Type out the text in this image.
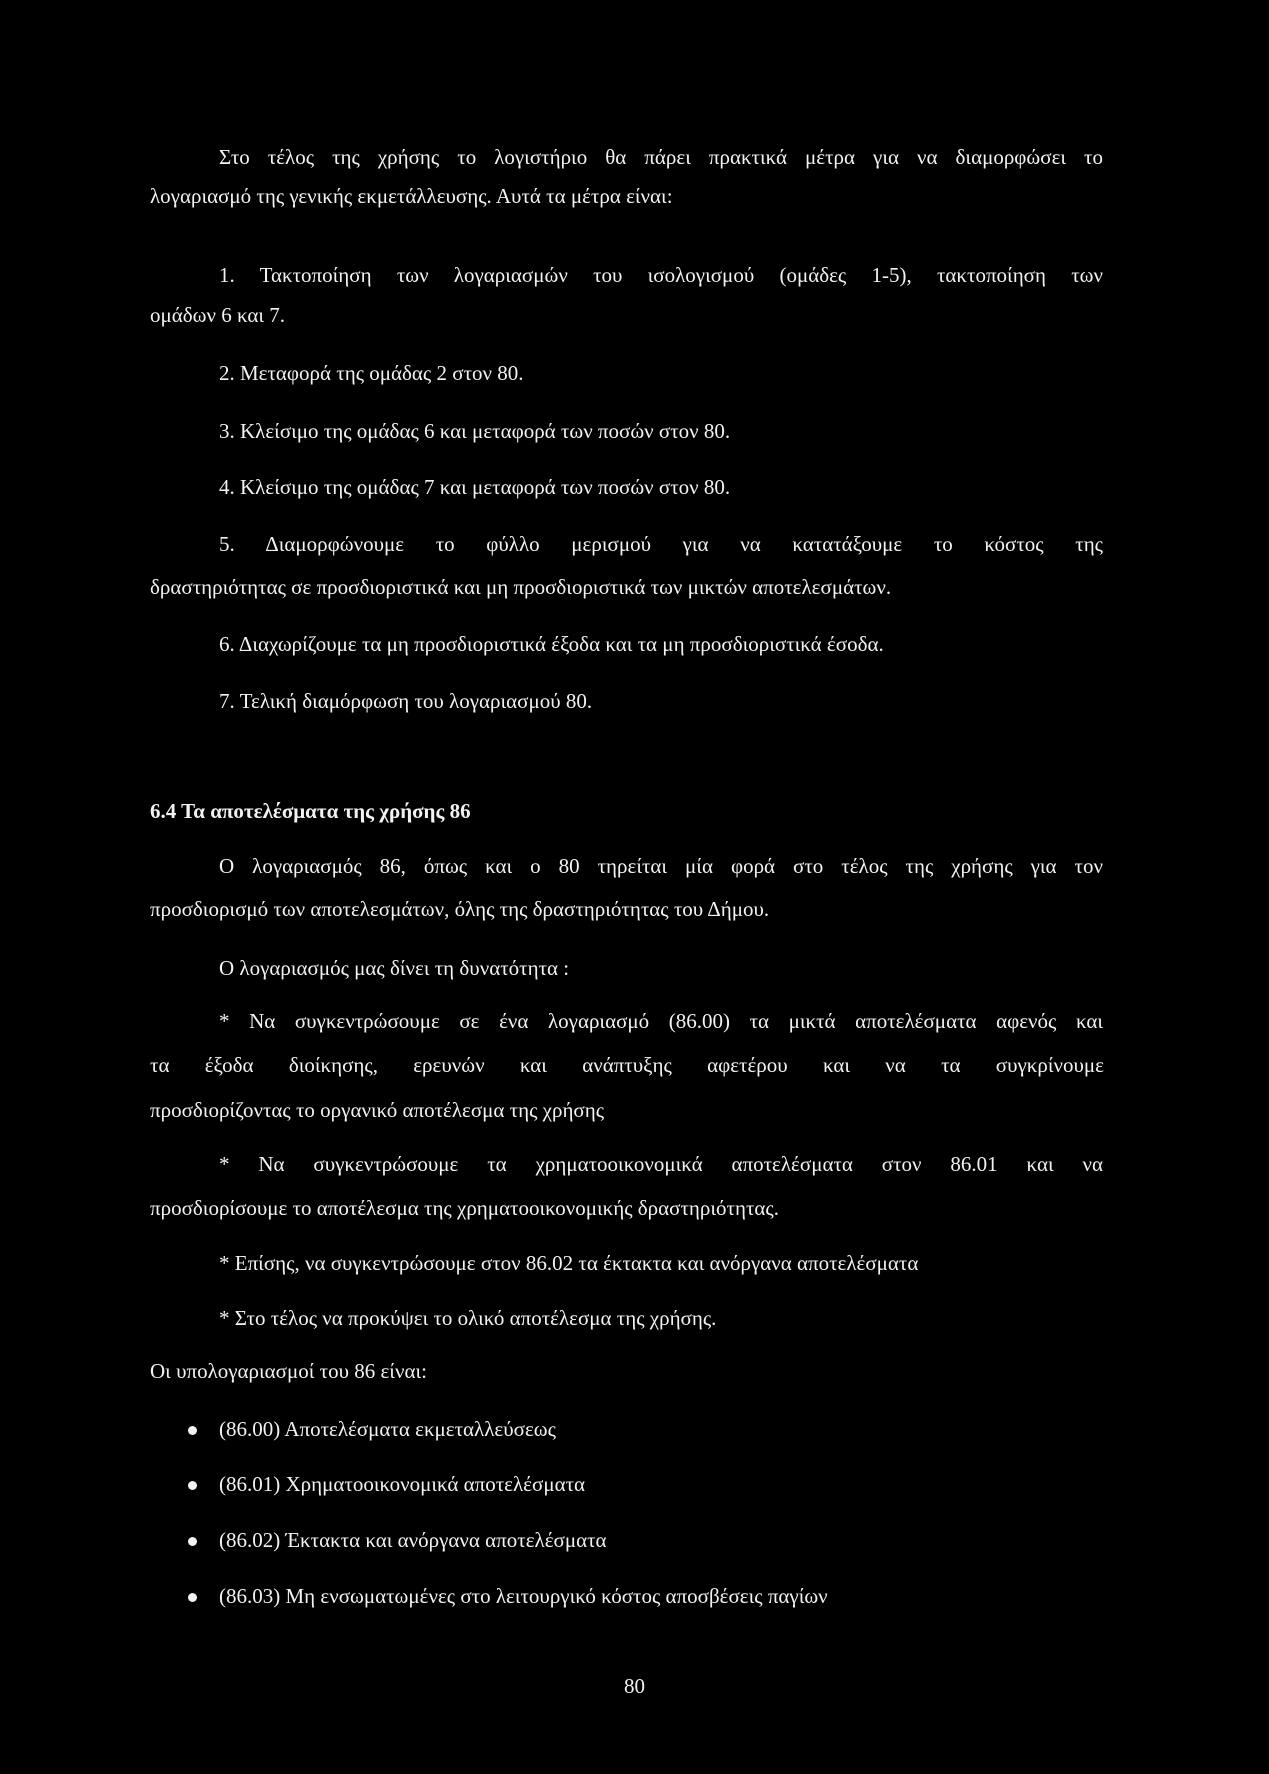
Στο τέλος της χρήσης το λογιστήριο θα πάρει πρακτικά μέτρα για να διαμορφώσει το
λογαριασμό της γενικής εκμετάλλευσης. Αυτά τα μέτρα είναι:
1. Τακτοποίηση των λογαριασμών του ισολογισμού (ομάδες 1-5), τακτοποίηση των
ομάδων 6 και 7.
2. Μεταφορά της ομάδας 2 στον 80.
3. Κλείσιμο της ομάδας 6 και μεταφορά των ποσών στον 80.
4. Κλείσιμο της ομάδας 7 και μεταφορά των ποσών στον 80.
5. Διαμορφώνουμε το φύλλο μερισμού για να κατατάξουμε το κόστος της
δραστηριότητας σε προσδιοριστικά και μη προσδιοριστικά των μικτών αποτελεσμάτων.
6. Διαχωρίζουμε τα μη προσδιοριστικά έξοδα και τα μη προσδιοριστικά έσοδα.
7. Τελική διαμόρφωση του λογαριασμού 80.
6.4 Τα αποτελέσματα της χρήσης 86
Ο λογαριασμός 86, όπως και ο 80 τηρείται μία φορά στο τέλος της χρήσης για τον
προσδιορισμό των αποτελεσμάτων, όλης της δραστηριότητας του Δήμου.
Ο λογαριασμός μας δίνει τη δυνατότητα :
* Να συγκεντρώσουμε σε ένα λογαριασμό (86.00) τα μικτά αποτελέσματα αφενός και
τα έξοδα διοίκησης, ερευνών και ανάπτυξης αφετέρου και να τα συγκρίνουμε
προσδιορίζοντας το οργανικό αποτέλεσμα της χρήσης
* Να συγκεντρώσουμε τα χρηματοοικονομικά αποτελέσματα στον 86.01 και να
προσδιορίσουμε το αποτέλεσμα της χρηματοοικονομικής δραστηριότητας.
* Επίσης, να συγκεντρώσουμε στον 86.02 τα έκτακτα και ανόργανα αποτελέσματα
* Στο τέλος να προκύψει το ολικό αποτέλεσμα της χρήσης.
Οι υπολογαριασμοί του 86 είναι:
(86.00) Αποτελέσματα εκμεταλλεύσεως
(86.01) Χρηματοοικονομικά αποτελέσματα
(86.02) Έκτακτα και ανόργανα αποτελέσματα
(86.03) Μη ενσωματωμένες στο λειτουργικό κόστος αποσβέσεις παγίων
80
